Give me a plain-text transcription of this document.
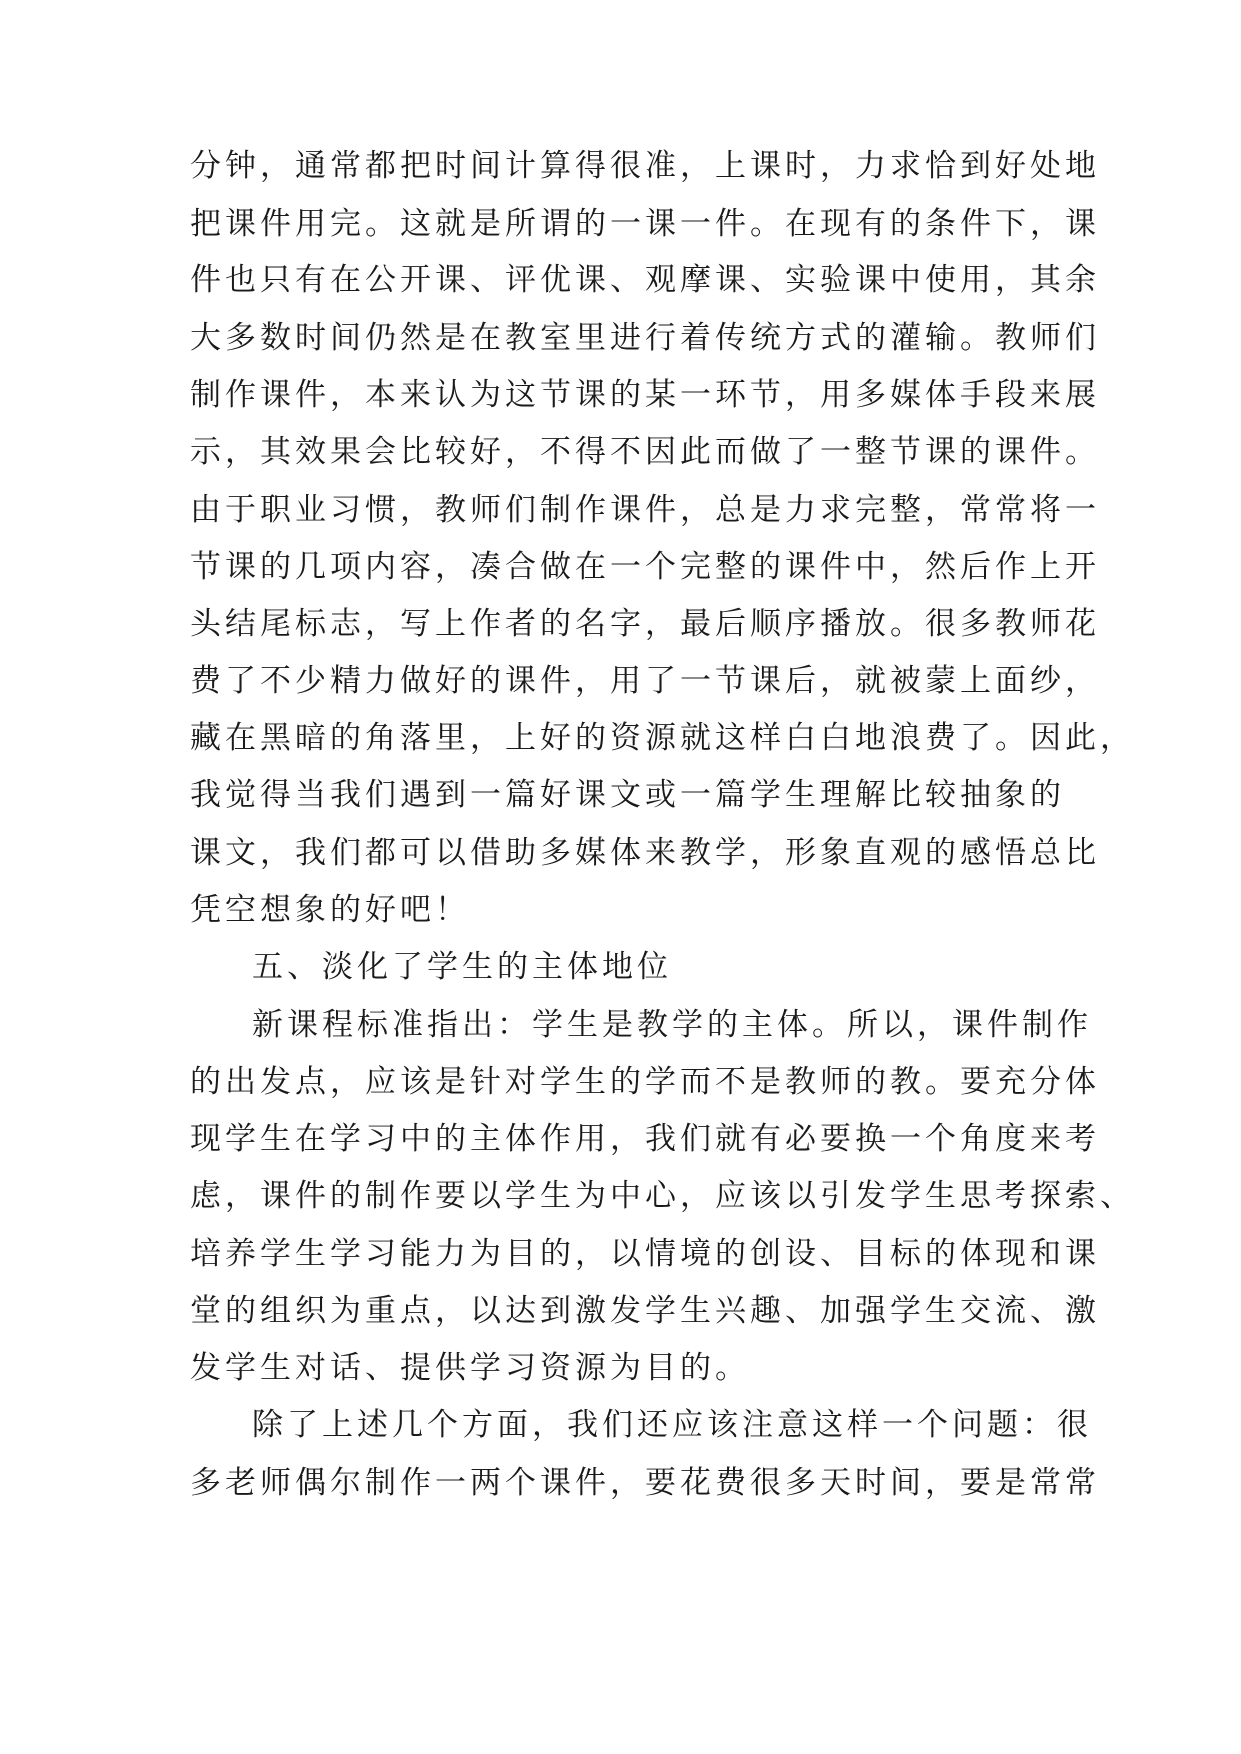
分钟，通常都把时间计算得很准，上课时，力求恰到好处地
把课件用完。这就是所谓的一课一件。在现有的条件下，课
件也只有在公开课、评优课、观摩课、实验课中使用，其余
大多数时间仍然是在教室里进行着传统方式的灌输。教师们
制作课件，本来认为这节课的某一环节，用多媒体手段来展
示，其效果会比较好，不得不因此而做了一整节课的课件。
由于职业习惯，教师们制作课件，总是力求完整，常常将一
节课的几项内容，凑合做在一个完整的课件中，然后作上开
头结尾标志，写上作者的名字，最后顺序播放。很多教师花
费了不少精力做好的课件，用了一节课后，就被蒙上面纱，
藏在黑暗的角落里，上好的资源就这样白白地浪费了。因此，
我觉得当我们遇到一篇好课文或一篇学生理解比较抽象的
课文，我们都可以借助多媒体来教学，形象直观的感悟总比
凭空想象的好吧！
五、淡化了学生的主体地位
新课程标准指出：学生是教学的主体。所以，课件制作
的出发点，应该是针对学生的学而不是教师的教。要充分体
现学生在学习中的主体作用，我们就有必要换一个角度来考
虑，课件的制作要以学生为中心，应该以引发学生思考探索、
培养学生学习能力为目的，以情境的创设、目标的体现和课
堂的组织为重点，以达到激发学生兴趣、加强学生交流、激
发学生对话、提供学习资源为目的。
除了上述几个方面，我们还应该注意这样一个问题：很
多老师偶尔制作一两个课件，要花费很多天时间，要是常常
